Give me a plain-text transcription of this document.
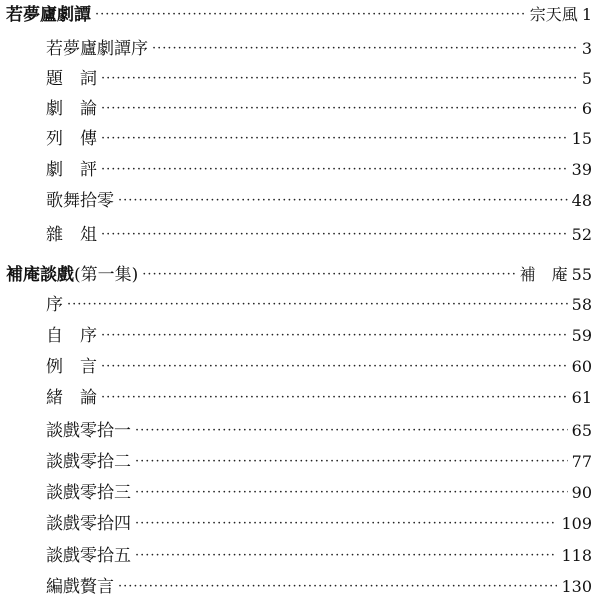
若夢廬劇譚 ·····	宗天風 1
若夢廬劇譚序 ·····	3
題　詞 ·····	5
劇　論 ·····	6
列　傳 ·····	15
劇　評 ·····	39
歌舞拾零 ·····	48
雜　俎 ·····	52
補庵談戲(第一集) ·····	補　庵 55
序 ·····	58
自　序 ·····	59
例　言 ·····	60
緒　論 ·····	61
談戲零拾一 ·····	65
談戲零拾二 ·····	77
談戲零拾三 ·····	90
談戲零拾四 ·····	109
談戲零拾五 ·····	118
編戲贅言 ·····	130
